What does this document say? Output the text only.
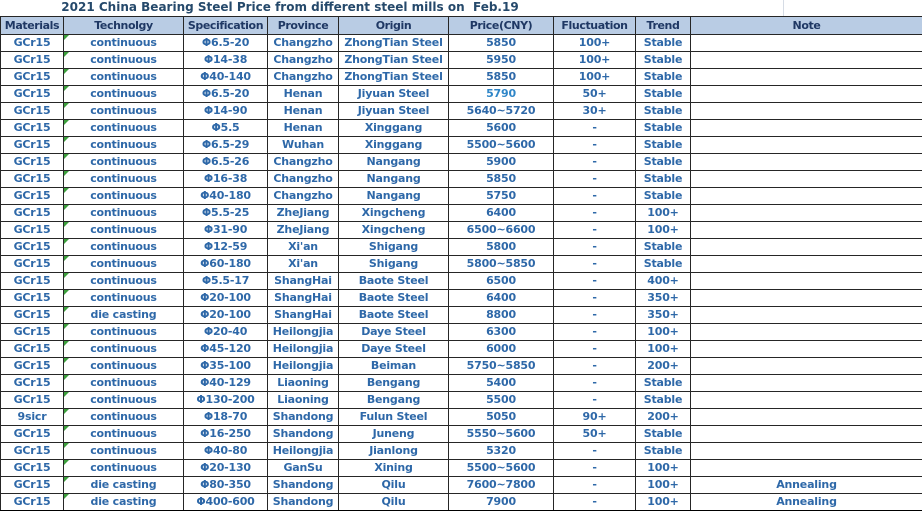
2021 China Bearing Steel Price from different steel mills on  Feb.19
Materials	Technolgy	Specification	Province	Origin	Price(CNY)	Fluctuation	Trend	Note
GCr15	continuous	Φ6.5-20	Changzho	ZhongTian Steel	5850	100+	Stable	
GCr15	continuous	Φ14-38	Changzho	ZhongTian Steel	5950	100+	Stable	
GCr15	continuous	Φ40-140	Changzho	ZhongTian Steel	5850	100+	Stable	
GCr15	continuous	Φ6.5-20	Henan	Jiyuan Steel	5790	50+	Stable	
GCr15	continuous	Φ14-90	Henan	Jiyuan Steel	5640~5720	30+	Stable	
GCr15	continuous	Φ5.5	Henan	Xinggang	5600	-	Stable	
GCr15	continuous	Φ6.5-29	Wuhan	Xinggang	5500~5600	-	Stable	
GCr15	continuous	Φ6.5-26	Changzho	Nangang	5900	-	Stable	
GCr15	continuous	Φ16-38	Changzho	Nangang	5850	-	Stable	
GCr15	continuous	Φ40-180	Changzho	Nangang	5750	-	Stable	
GCr15	continuous	Φ5.5-25	ZheJiang	Xingcheng	6400	-	100+	
GCr15	continuous	Φ31-90	ZheJiang	Xingcheng	6500~6600	-	100+	
GCr15	continuous	Φ12-59	Xi'an	Shigang	5800	-	Stable	
GCr15	continuous	Φ60-180	Xi'an	Shigang	5800~5850	-	Stable	
GCr15	continuous	Φ5.5-17	ShangHai	Baote Steel	6500	-	400+	
GCr15	continuous	Φ20-100	ShangHai	Baote Steel	6400	-	350+	
GCr15	die casting	Φ20-100	ShangHai	Baote Steel	8800	-	350+	
GCr15	continuous	Φ20-40	Heilongjia	Daye Steel	6300	-	100+	
GCr15	continuous	Φ45-120	Heilongjia	Daye Steel	6000	-	100+	
GCr15	continuous	Φ35-100	Heilongjia	Beiman	5750~5850	-	200+	
GCr15	continuous	Φ40-129	Liaoning	Bengang	5400	-	Stable	
GCr15	continuous	Φ130-200	Liaoning	Bengang	5500	-	Stable	
9sicr	continuous	Φ18-70	Shandong	Fulun Steel	5050	90+	200+	
GCr15	continuous	Φ16-250	Shandong	Juneng	5550~5600	50+	Stable	
GCr15	continuous	Φ40-80	Heilongjia	Jianlong	5320	-	Stable	
GCr15	continuous	Φ20-130	GanSu	Xining	5500~5600	-	100+	
GCr15	die casting	Φ80-350	Shandong	Qilu	7600~7800	-	100+	Annealing
GCr15	die casting	Φ400-600	Shandong	Qilu	7900	-	100+	Annealing
